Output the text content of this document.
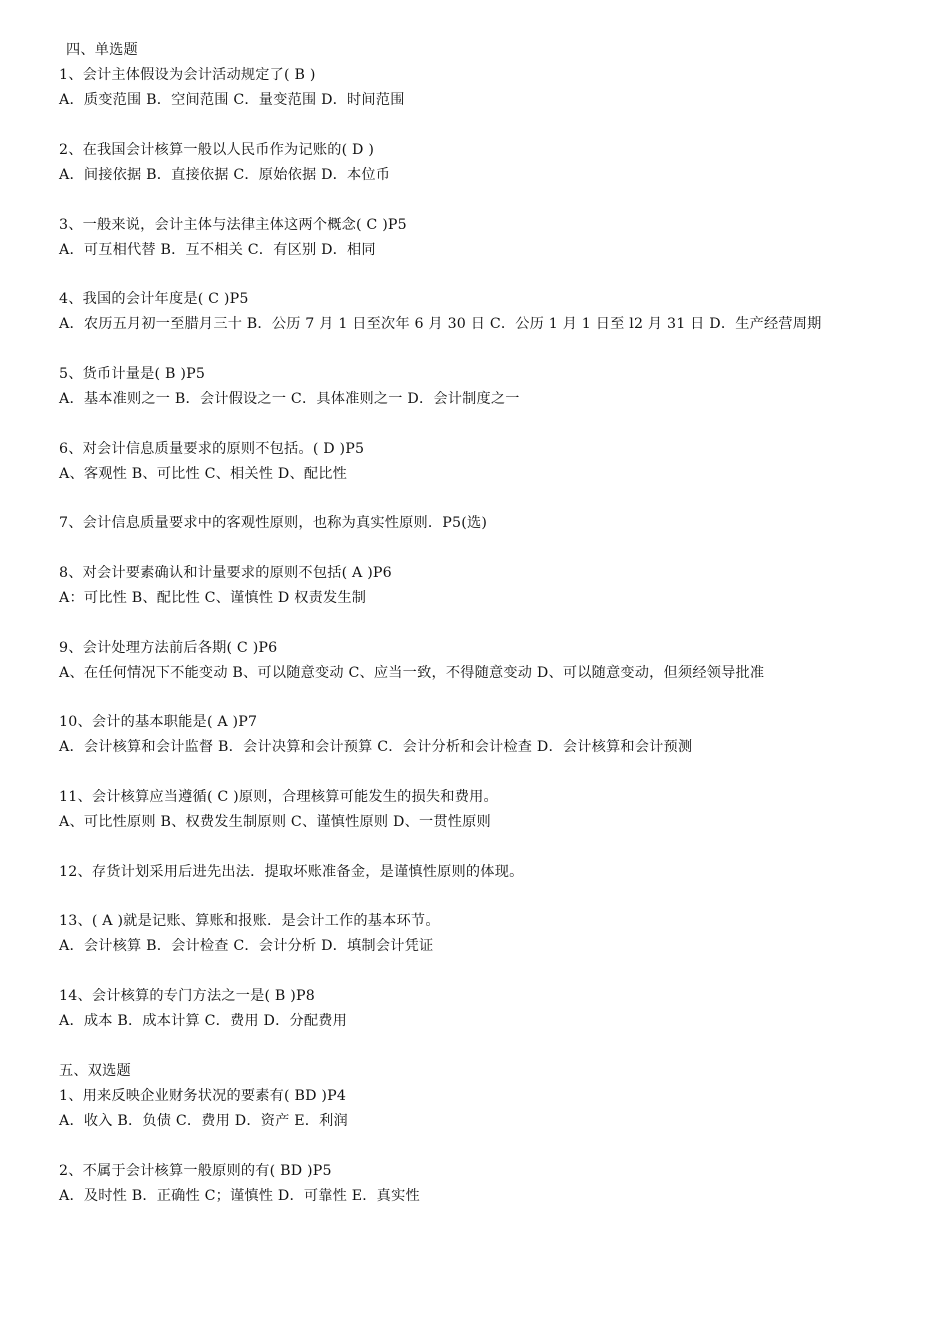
四、单选题
1、会计主体假设为会计活动规定了( B )
A．质变范围 B．空间范围 C．量变范围 D．时间范围
2、在我国会计核算一般以人民币作为记账的( D )
A．间接依据 B．直接依据 C．原始依据 D．本位币
3、一般来说，会计主体与法律主体这两个概念( C )P5
A．可互相代替 B．互不相关 C．有区别 D．相同
4、我国的会计年度是( C )P5
A．农历五月初一至腊月三十 B．公历 7 月 1 日至次年 6 月 30 日 C．公历 1 月 1 日至 l2 月 31 日 D．生产经营周期
5、货币计量是( B )P5
A．基本准则之一 B．会计假设之一 C．具体准则之一 D．会计制度之一
6、对会计信息质量要求的原则不包括。( D )P5
A、客观性 B、可比性 C、相关性 D、配比性
7、会计信息质量要求中的客观性原则，也称为真实性原则．P5(选)
8、对会计要素确认和计量要求的原则不包括( A )P6
A：可比性 B、配比性 C、谨慎性 D 权责发生制
9、会计处理方法前后各期( C )P6
A、在任何情况下不能变动 B、可以随意变动 C、应当一致，不得随意变动 D、可以随意变动，但须经领导批准
10、会计的基本职能是( A )P7
A．会计核算和会计监督 B．会计决算和会计预算 C．会计分析和会计检查 D．会计核算和会计预测
11、会计核算应当遵循( C )原则，合理核算可能发生的损失和费用。
A、可比性原则 B、权费发生制原则 C、谨慎性原则 D、一贯性原则
12、存货计划采用后进先出法．提取坏账准备金，是谨慎性原则的体现。
13、( A )就是记账、算账和报账．是会计工作的基本环节。
A．会计核算 B．会计检查 C．会计分析 D．填制会计凭证
14、会计核算的专门方法之一是( B )P8
A．成本 B．成本计算 C．费用 D．分配费用
五、双选题
1、用来反映企业财务状况的要素有( BD )P4
A．收入 B．负债 C．费用 D．资产 E．利润
2、不属于会计核算一般原则的有( BD )P5
A．及时性 B．正确性 C；谨慎性 D．可靠性 E．真实性
